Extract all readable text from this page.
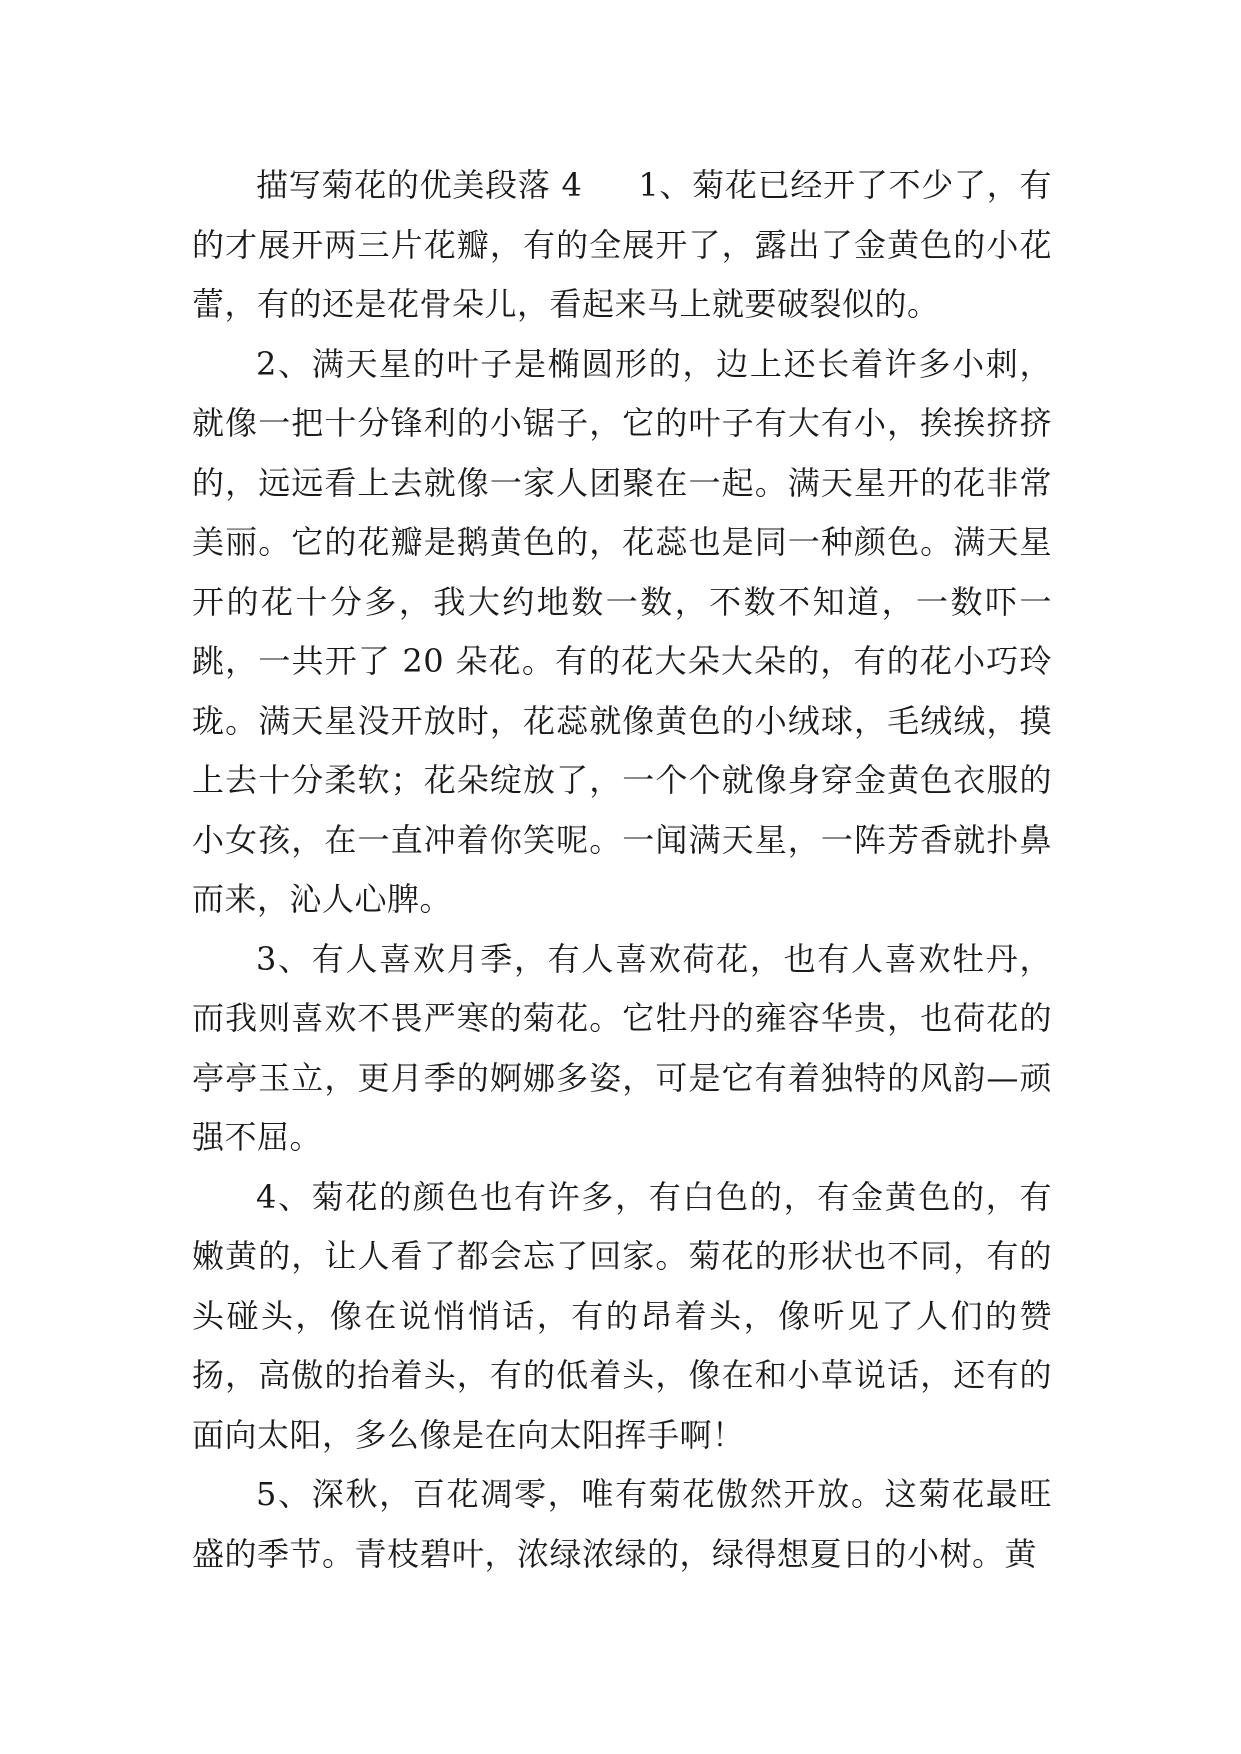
描写菊花的优美段落 4 1、菊花已经开了不少了，有的才展开两三片花瓣，有的全展开了，露出了金黄色的小花蕾，有的还是花骨朵儿，看起来马上就要破裂似的。

2、满天星的叶子是椭圆形的，边上还长着许多小刺，就像一把十分锋利的小锯子，它的叶子有大有小，挨挨挤挤的，远远看上去就像一家人团聚在一起。满天星开的花非常美丽。它的花瓣是鹅黄色的，花蕊也是同一种颜色。满天星开的花十分多，我大约地数一数，不数不知道，一数吓一跳，一共开了 20 朵花。有的花大朵大朵的，有的花小巧玲珑。满天星没开放时，花蕊就像黄色的小绒球，毛绒绒，摸上去十分柔软；花朵绽放了，一个个就像身穿金黄色衣服的小女孩，在一直冲着你笑呢。一闻满天星，一阵芳香就扑鼻而来，沁人心脾。

3、有人喜欢月季，有人喜欢荷花，也有人喜欢牡丹，而我则喜欢不畏严寒的菊花。它牡丹的雍容华贵，也荷花的亭亭玉立，更月季的婀娜多姿，可是它有着独特的风韵—顽强不屈。

4、菊花的颜色也有许多，有白色的，有金黄色的，有嫩黄的，让人看了都会忘了回家。菊花的形状也不同，有的头碰头，像在说悄悄话，有的昂着头，像听见了人们的赞扬，高傲的抬着头，有的低着头，像在和小草说话，还有的面向太阳，多么像是在向太阳挥手啊！

5、深秋，百花凋零，唯有菊花傲然开放。这菊花最旺盛的季节。青枝碧叶，浓绿浓绿的，绿得想夏日的小树。黄
